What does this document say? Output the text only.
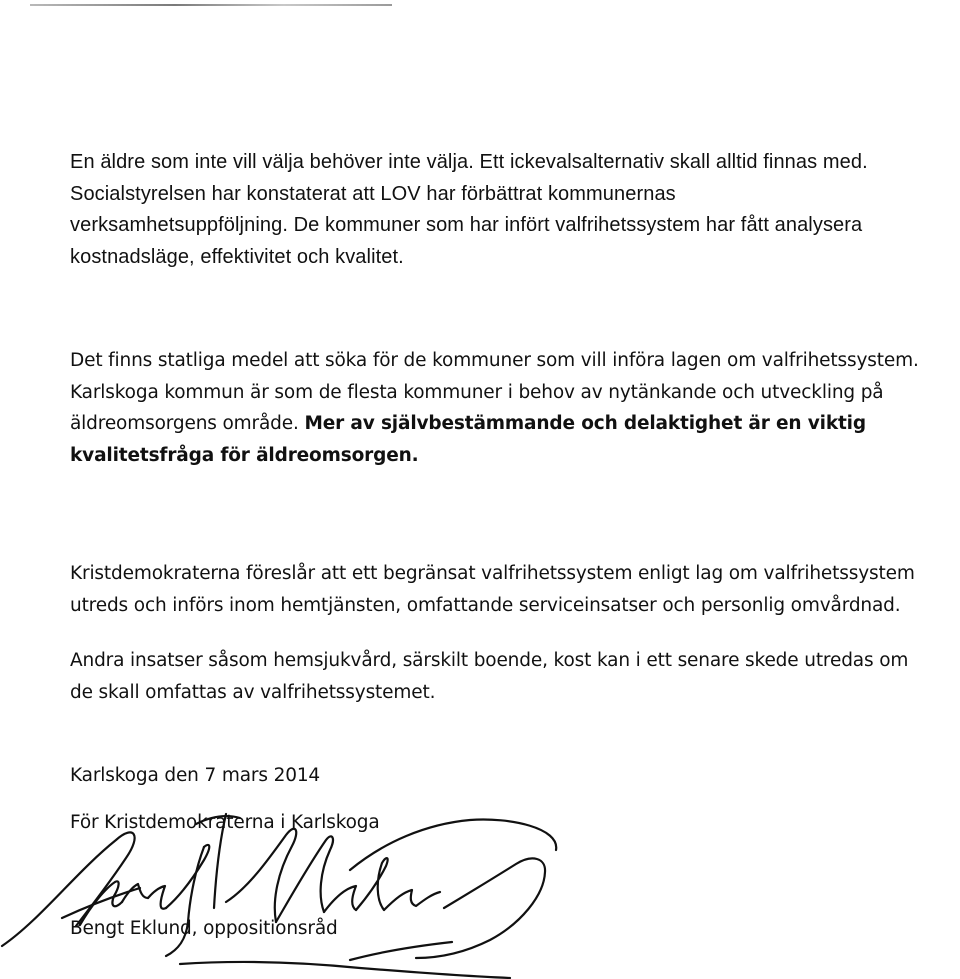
En äldre som inte vill välja behöver inte välja. Ett ickevalsalternativ skall alltid finnas med.
Socialstyrelsen har konstaterat att LOV har förbättrat kommunernas
verksamhetsuppföljning. De kommuner som har infört valfrihetssystem har fått analysera
kostnadsläge, effektivitet och kvalitet.
Det finns statliga medel att söka för de kommuner som vill införa lagen om valfrihetssystem.
Karlskoga kommun är som de flesta kommuner i behov av nytänkande och utveckling på
äldreomsorgens område. Mer av självbestämmande och delaktighet är en viktig
kvalitetsfråga för äldreomsorgen.
Kristdemokraterna föreslår att ett begränsat valfrihetssystem enligt lag om valfrihetssystem
utreds och införs inom hemtjänsten, omfattande serviceinsatser och personlig omvårdnad.
Andra insatser såsom hemsjukvård, särskilt boende, kost kan i ett senare skede utredas om
de skall omfattas av valfrihetssystemet.
Karlskoga den 7 mars 2014
För Kristdemokraterna i Karlskoga
Bengt Eklund, oppositionsråd
